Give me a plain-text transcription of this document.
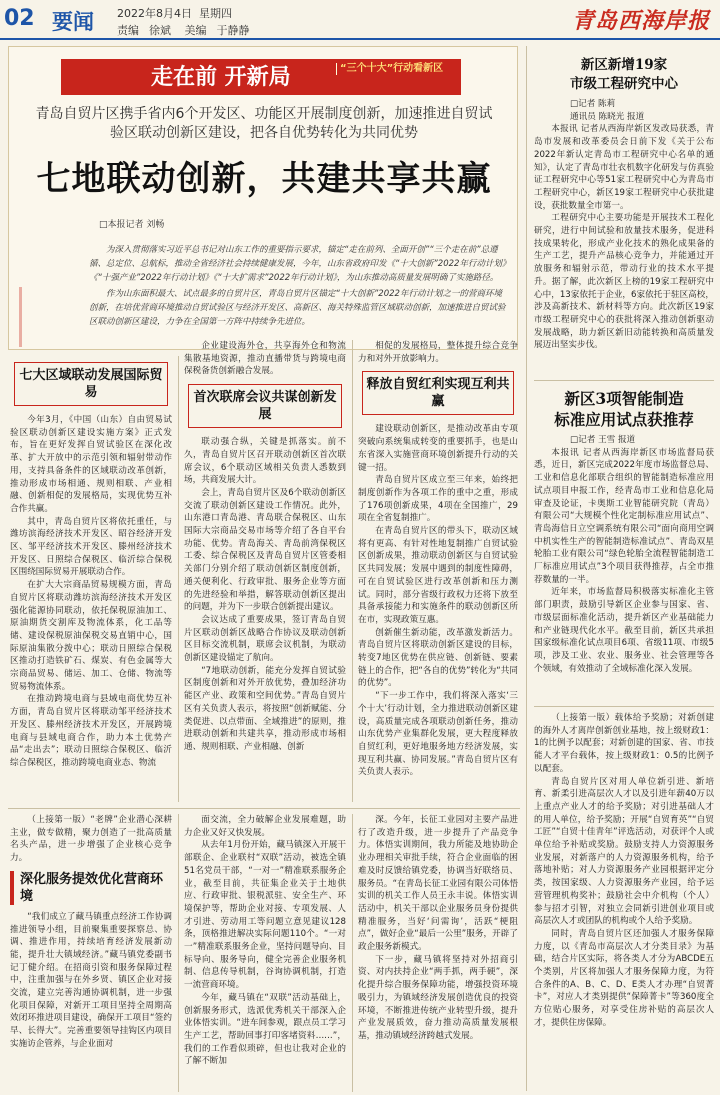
02 要闻 2022年8月4日 星期四
责编 徐斌 美编 于静静	青岛西海岸报
走在前 开新局	“三个十大”行动看新区
青岛自贸片区携手省内6个开发区、功能区开展制度创新，加速推进自贸试验区联动创新区建设，把各自优势转化为共同优势
七地联动创新，共建共享共赢
□本报记者 刘畅

为深入贯彻落实习近平总书记对山东工作的重要指示要求，锚定“走在前列、全面开创”“三个走在前”总遵循、总定位、总航标，推动全省经济社会持续健康发展，今年，山东省政府印发《“十大创新”2022年行动计划》《“十强产业”2022年行动计划》《“十大扩需求”2022年行动计划》，为山东推动高质量发展明确了实施路径。

作为山东面积最大、试点最多的自贸片区，青岛自贸片区锚定“十大创新”2022年行动计划之一的营商环境创新，在培优营商环境推动自贸试验区与经济开发区、高新区、海关特殊监管区域联动创新，加速推进自贸试验区联动创新区建设，力争在全国第一方阵中持续争先进位。

七大区域联动发展国际贸易

今年3月，《中国（山东）自由贸易试验区联动创新区建设实施方案》正式发布，旨在更好发挥自贸试验区在深化改革、扩大开放中的示范引领和辐射带动作用，支持具备条件的区域联动改革创新，推动形成市场相通、规则相联、产业相融、创新相促的发展格局，实现优势互补合作共赢。

其中，青岛自贸片区将依托重任，与潍坊滨海经济技术开发区、昭谷经济开发区、邹平经济技术开发区、滕州经济技术开发区、日照综合保税区、临沂综合保税区围绕国际贸易开展联动合作。

在扩大大宗商品贸易规模方面，青岛自贸片区将联动潍坊滨海经济技术开发区强化能源协同联动，依托保税原油加工、原油期货交割库及物流体系，化工品等储、建设保税原油保税交易直销中心，国际原油集散分拨中心；联动日照综合保税区推动打造铁矿石、煤炭、有色金属等大宗商品贸易、储运、加工、仓储、物流等贸易物流体系。

在推动跨境电商与县域电商优势互补方面，青岛自贸片区将联动邹平经济技术开发区、滕州经济技术开发区，开展跨境电商与县域电商合作，助力本土优势产品“走出去”；联动日照综合保税区、临沂综合保税区，推动跨境电商业态、物流

企业建设海外仓，共享海外仓和物流集散基地资源，推动直播带货与跨境电商保税备货创新融合发展。

首次联席会议共谋创新发展

联动强合纵，关键是抓落实。前不久，青岛自贸片区召开联动创新区首次联席会议，6个联动区域相关负责人悉数到场，共商发展大计。

会上，青岛自贸片区及6个联动创新区交流了联动创新区建设工作情况。此外，山东港口青岛港、青岛联合保税区、山东国际大宗商品交易市场等介绍了各自平台功能、优势。青岛海关、青岛前湾保税区工委、综合保税区及青岛自贸片区管委相关部门分别介绍了联动创新区制度创新，通关便利化、行政审批、服务企业等方面的先进经验和举措，解答联动创新区提出的问题，并为下一步联合创新提出建议。

会议达成了重要成果，签订青岛自贸片区联动创新区战略合作协议及联动创新区目标交流机制，联席会议机制，为联动创新区建设锚定了航向。

“7地联动创新，能充分发挥自贸试验区制度创新和对外开放优势，叠加经济功能区产业、政策和空间优势。”青岛自贸片区有关负责人表示，将按照“创新赋能、分类促进、以点带面、全域推进”的原则，推进联动创新和共建共享，推动形成市场相通、规则相联、产业相融、创新

相促的发展格局，整体提升综合竞争力和对外开放影响力。

释放自贸红利实现互利共赢

建设联动创新区，是推动改革由专项突破向系统集成转变的重要抓手，也是山东省深入实施营商环境创新提升行动的关键一招。

青岛自贸片区成立至三年来，始终把制度创新作为各项工作的重中之重，形成了176项创新成果，4项在全国推广，29项在全省复制推广。

在青岛自贸片区的带头下，联动区域将有更高、有针对性地复制推广自贸试验区创新成果，推动联动创新区与自贸试验区共同发展；发展中遇到的制度性障碍，可在自贸试验区进行改革创新和压力测试。同时，部分省级行政权力还将下放至具备承接能力和实施条件的联动创新区所在市，实现政策互惠。

创新催生新动能，改革激发新活力。青岛自贸片区将联动创新区建设的目标，转变7地区优势在供应链、创新链、要素链上的合作，把“各自的优势”转化为“共同的优势”。

“下一步工作中，我们将深入落实‘三个十大’行动计划，全力推进联动创新区建设，高质量完成各项联动创新任务，推动山东优势产业集群化发展，更大程度释放自贸红利，更好地服务地方经济发展，实现互利共赢、协同发展。”青岛自贸片区有关负责人表示。

新区新增19家
市级工程研究中心
□记者 陈莉
通讯员 陈晓光 报道

本报讯 记者从西海岸新区发改局获悉，青岛市发展和改革委员会日前下发《关于公布2022年新认定青岛市工程研究中心名单的通知》，认定了青岛市壮衣机数字化研发与仿真验证工程研究中心等51家工程研究中心为青岛市工程研究中心，新区19家工程研究中心获批建设，获批数量全市第一。

工程研究中心主要功能是开展技术工程化研究，进行中间试验和放量技术服务，促进科技成果转化，形成产业化技术的熟化成果备的生产工艺，提升产品核心竞争力，并能通过开放服务和辐射示范，带动行业的技术水平提升。据了解，此次新区上榜的19家工程研究中心中，13家依托于企业，6家依托于驻区高校，涉及高新技术、新材料等方向。此次新区19家市级工程研究中心的获批将深入推动创新驱动发展战略，助力新区新旧动能转换和高质量发展迈出坚实步伐。

新区3项智能制造
标准应用试点获推荐
□记者 王雪 报道

本报讯 记者从西海岸新区市场监督局获悉，近日，新区完成2022年度市场监督总局、工业和信息化部联合组织的智能制造标准应用试点项目申报工作，经青岛市工业和信息化局审查及论证，卡奥斯工业智能研究院（青岛）有限公司“大规模个性化定制标准应用试点”、青岛海信日立空调系统有限公司“面向商用空调中机实性生产的智能制造标准试点”、青岛双星轮胎工业有限公司“绿色轮胎全流程智能制造工厂标准应用试点”3个项目获得推荐，占全市推荐数量的一半。

近年来，市场监督局积极落实标准化主管部门职责，鼓励引导新区企业参与国家、省、市级层面标准化活动，提升新区产业基础能力和产业链现代化水平。截至目前，新区共承担国家级标准化试点项目6项、省级11项、市级5项，涉及工业、农业、服务业、社会管理等各个领域，有效推动了全域标准化深入发展。

（上接第一版）载体给予奖励；对新创建的海外人才离岸创新创业基地，按上级财政1：1的比例予以配套；对新创建的国家、省、市技能人才平台载体，按上级财政1：0.5的比例予以配套。

青岛自贸片区对用人单位新引进、新培育、新柔引进高层次人才以及引进年薪40万以上重点产业人才的给予奖励；对引进基础人才的用人单位，给予奖励；开展“自贸育英”“自贸工匠”“自贸十佳青年”评选活动，对获评个人或单位给予补贴或奖励。鼓励支持人力资源服务业发展，对新落户的人力资源服务机构，给予落地补贴；对人力资源服务产业园根据评定分类，按国家级、人力资源服务产业园，给予运营管理机构奖补；鼓励社会中介机构（个人）参与招才引智，对独立会同新引进创业项目或高层次人才或团队的机构或个人给予奖励。

同时，青岛自贸片区还加强人才服务保障力度，以《青岛市高层次人才分类目录》为基础，结合片区实际，将各类人才分为ABCDE五个类别，片区将加强人才服务保障力度，为符合条件的A、B、C、D、E类人才办理“自贸菁卡”，对应人才类别提供“保障菁卡”等360度全方位贴心服务，对享受住房补贴的高层次人才，提供住房保障。

（上接第一版）“老牌”企业潜心深耕主业，做专做精，聚力创造了一批高质量名头产品，进一步增强了企业核心竞争力。

深化服务提效优化营商环境

“我们成立了藏马镇重点经济工作协调推进领导小组，目前聚集重要探察总、协调、推进作用，持续培育经济发展新动能，提升壮大镇域经济。”藏马镇党委副书记丁健介绍。在招商引资和服务保障过程中，注重加强与在外乡贤、镇区企业对接交流，建立完善沟通协调机制，进一步强化项目保障，对新开工项目坚持全周期高效闭环推进项目建设，确保开工项目“签约早、长得大”。完善重要领导挂钩区内项目实施访企管养，与企业面对

面交流，全力破解企业发展难题，助力企业又好又快发展。

从去年1月份开始，藏马镇深入开展干部联企、企业联村“双联”活动，被选全镇51名党员干部，“一对一”精准联系服务企业，截至目前，共征集企业关于土地供应、行政审批、银税派驻、安全生产、环境保护等，帮助企业对接、专项发展、人才引进、劳动用工等问题立意见建议128条，顶格推进解决实际问题110个。“一对一”精准联系服务企业，坚持问题导向、目标导向、服务导向，健全完善企业服务机制、信息传导机制，谷询协调机制，打造一流营商环境。

今年，藏马镇在“双联”活动基础上，创新服务形式，选派优秀机关干部深入企业体悟实训。“进车间参观，跟点员工学习生产工艺，帮助回事打印客堵资料……”，我们的工作看似琐碎，但也让我对企业的了解不断加

深。今年，长征工业园对主要产品进行了改造升级，进一步提升了产品竞争力。体悟实训期间，我力所能及地协助企业办理相关审批手续，符合企业面临的困难及时反馈给镇党委，协调当好联络员、服务员。“在青岛长征工业园有限公司体悟实训的机关工作人员王永丰说。体悟实训活动中，机关干部以企业服务员身份提供精准服务，当好‘问需询’，活跃“梗阻点”，做好企业“最后一公里”服务，开辟了政企服务新模式。

下一步，藏马镇将坚持对外招商引资、对内扶持企业“两手抓，两手硬”，深化提升综合服务保障功能，增强投资环境吸引力，为镇域经济发展创造优良的投资环境，不断推进传统产业转型升级，提升产业发展质效，奋力推动高质量发展根基，推动镇域经济跨越式发展。
